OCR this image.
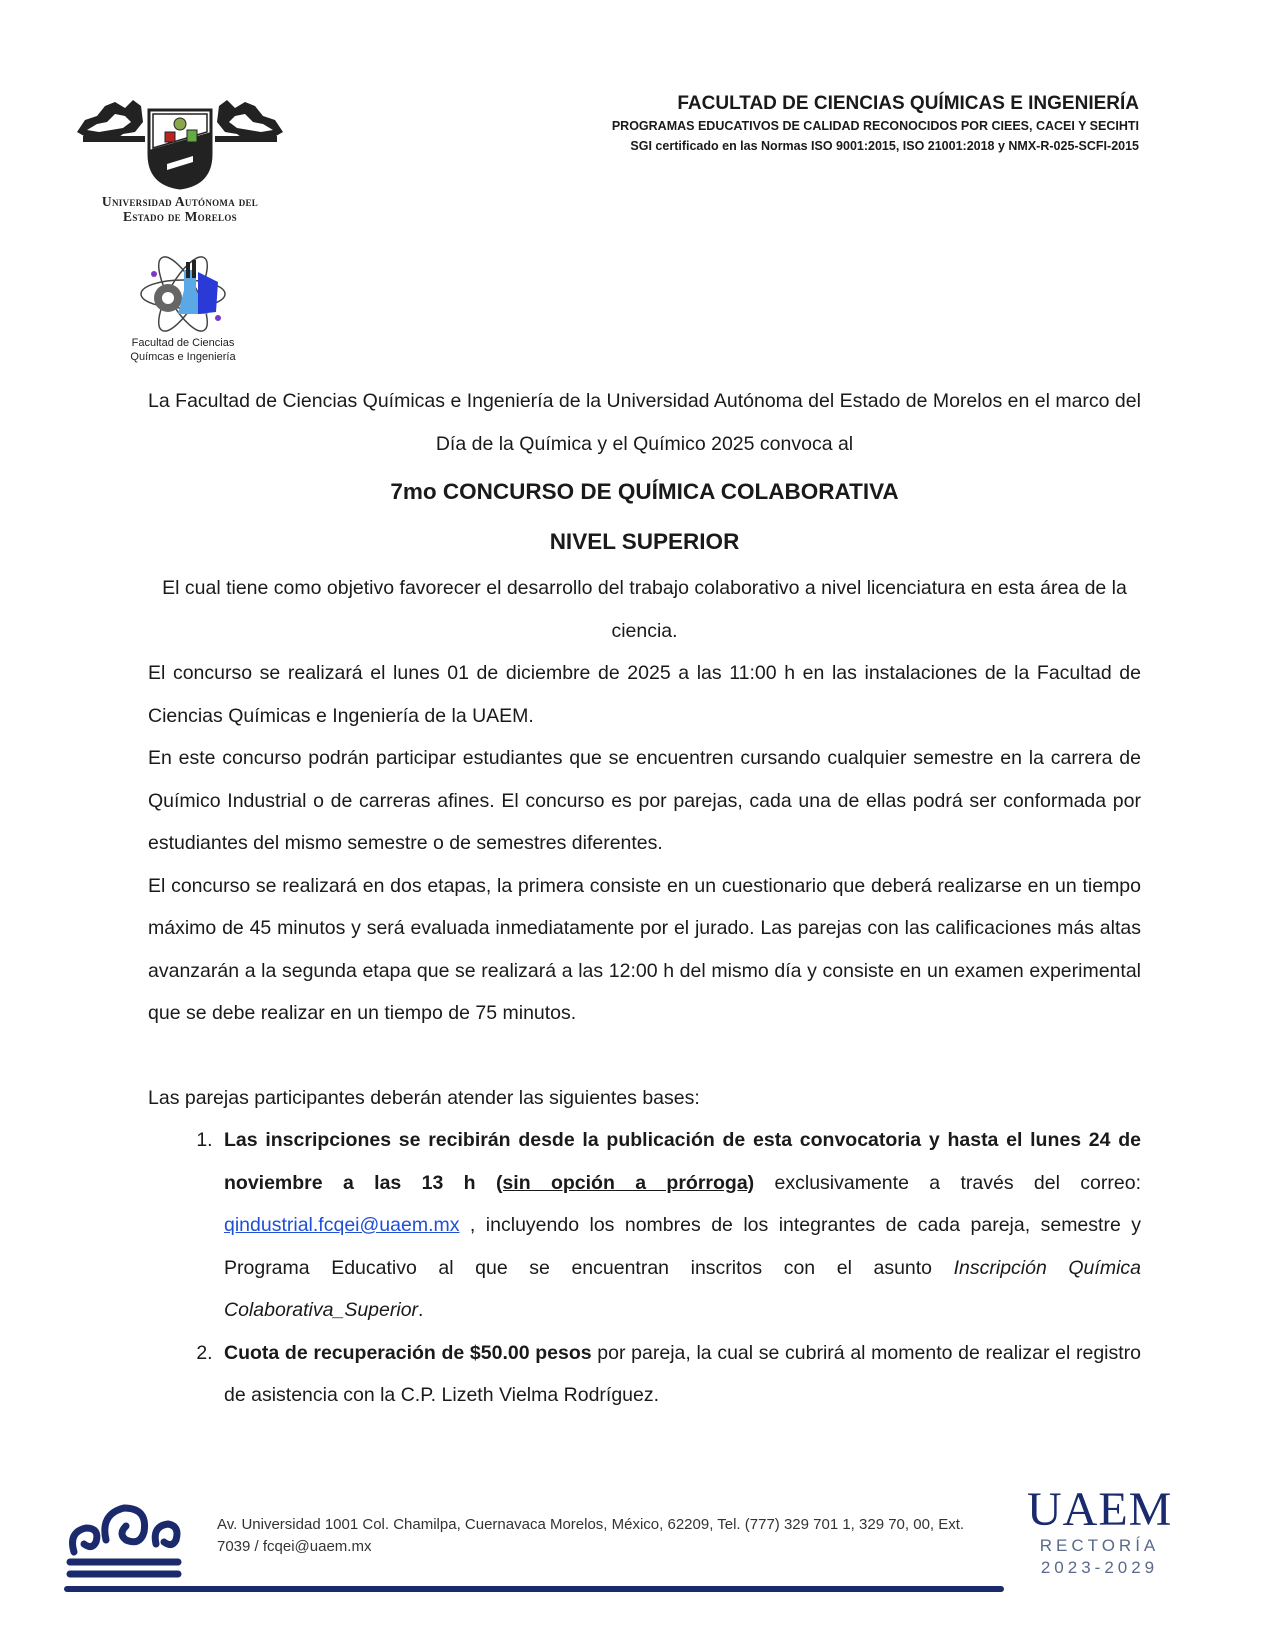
Universidad Autónoma del
Estado de Morelos
Facultad de Ciencias
Químcas e Ingeniería
FACULTAD DE CIENCIAS QUÍMICAS E INGENIERÍA
PROGRAMAS EDUCATIVOS DE CALIDAD RECONOCIDOS POR CIEES, CACEI Y SECIHTI
SGI certificado en las Normas ISO 9001:2015, ISO 21001:2018 y NMX-R-025-SCFI-2015

La Facultad de Ciencias Químicas e Ingeniería de la Universidad Autónoma del Estado de Morelos en el marco del Día de la Química y el Químico 2025 convoca al

7mo CONCURSO DE QUÍMICA COLABORATIVA

NIVEL SUPERIOR

El cual tiene como objetivo favorecer el desarrollo del trabajo colaborativo a nivel licenciatura en esta área de la ciencia.

El concurso se realizará el lunes 01 de diciembre de 2025 a las 11:00 h en las instalaciones de la Facultad de Ciencias Químicas e Ingeniería de la UAEM.

En este concurso podrán participar estudiantes que se encuentren cursando cualquier semestre en la carrera de Químico Industrial o de carreras afines. El concurso es por parejas, cada una de ellas podrá ser conformada por estudiantes del mismo semestre o de semestres diferentes.

El concurso se realizará en dos etapas, la primera consiste en un cuestionario que deberá realizarse en un tiempo máximo de 45 minutos y será evaluada inmediatamente por el jurado. Las parejas con las calificaciones más altas avanzarán a la segunda etapa que se realizará a las 12:00 h del mismo día y consiste en un examen experimental que se debe realizar en un tiempo de 75 minutos.

Las parejas participantes deberán atender las siguientes bases:

1. Las inscripciones se recibirán desde la publicación de esta convocatoria y hasta el lunes 24 de noviembre a las 13 h (sin opción a prórroga) exclusivamente a través del correo: qindustrial.fcqei@uaem.mx , incluyendo los nombres de los integrantes de cada pareja, semestre y Programa Educativo al que se encuentran inscritos con el asunto Inscripción Química Colaborativa_Superior.
2. Cuota de recuperación de $50.00 pesos por pareja, la cual se cubrirá al momento de realizar el registro de asistencia con la C.P. Lizeth Vielma Rodríguez.
Av. Universidad 1001 Col. Chamilpa, Cuernavaca Morelos, México, 62209, Tel. (777) 329 701 1, 329 70, 00, Ext. 7039 / fcqei@uaem.mx
UAEM
RECTORÍA
2023-2029
